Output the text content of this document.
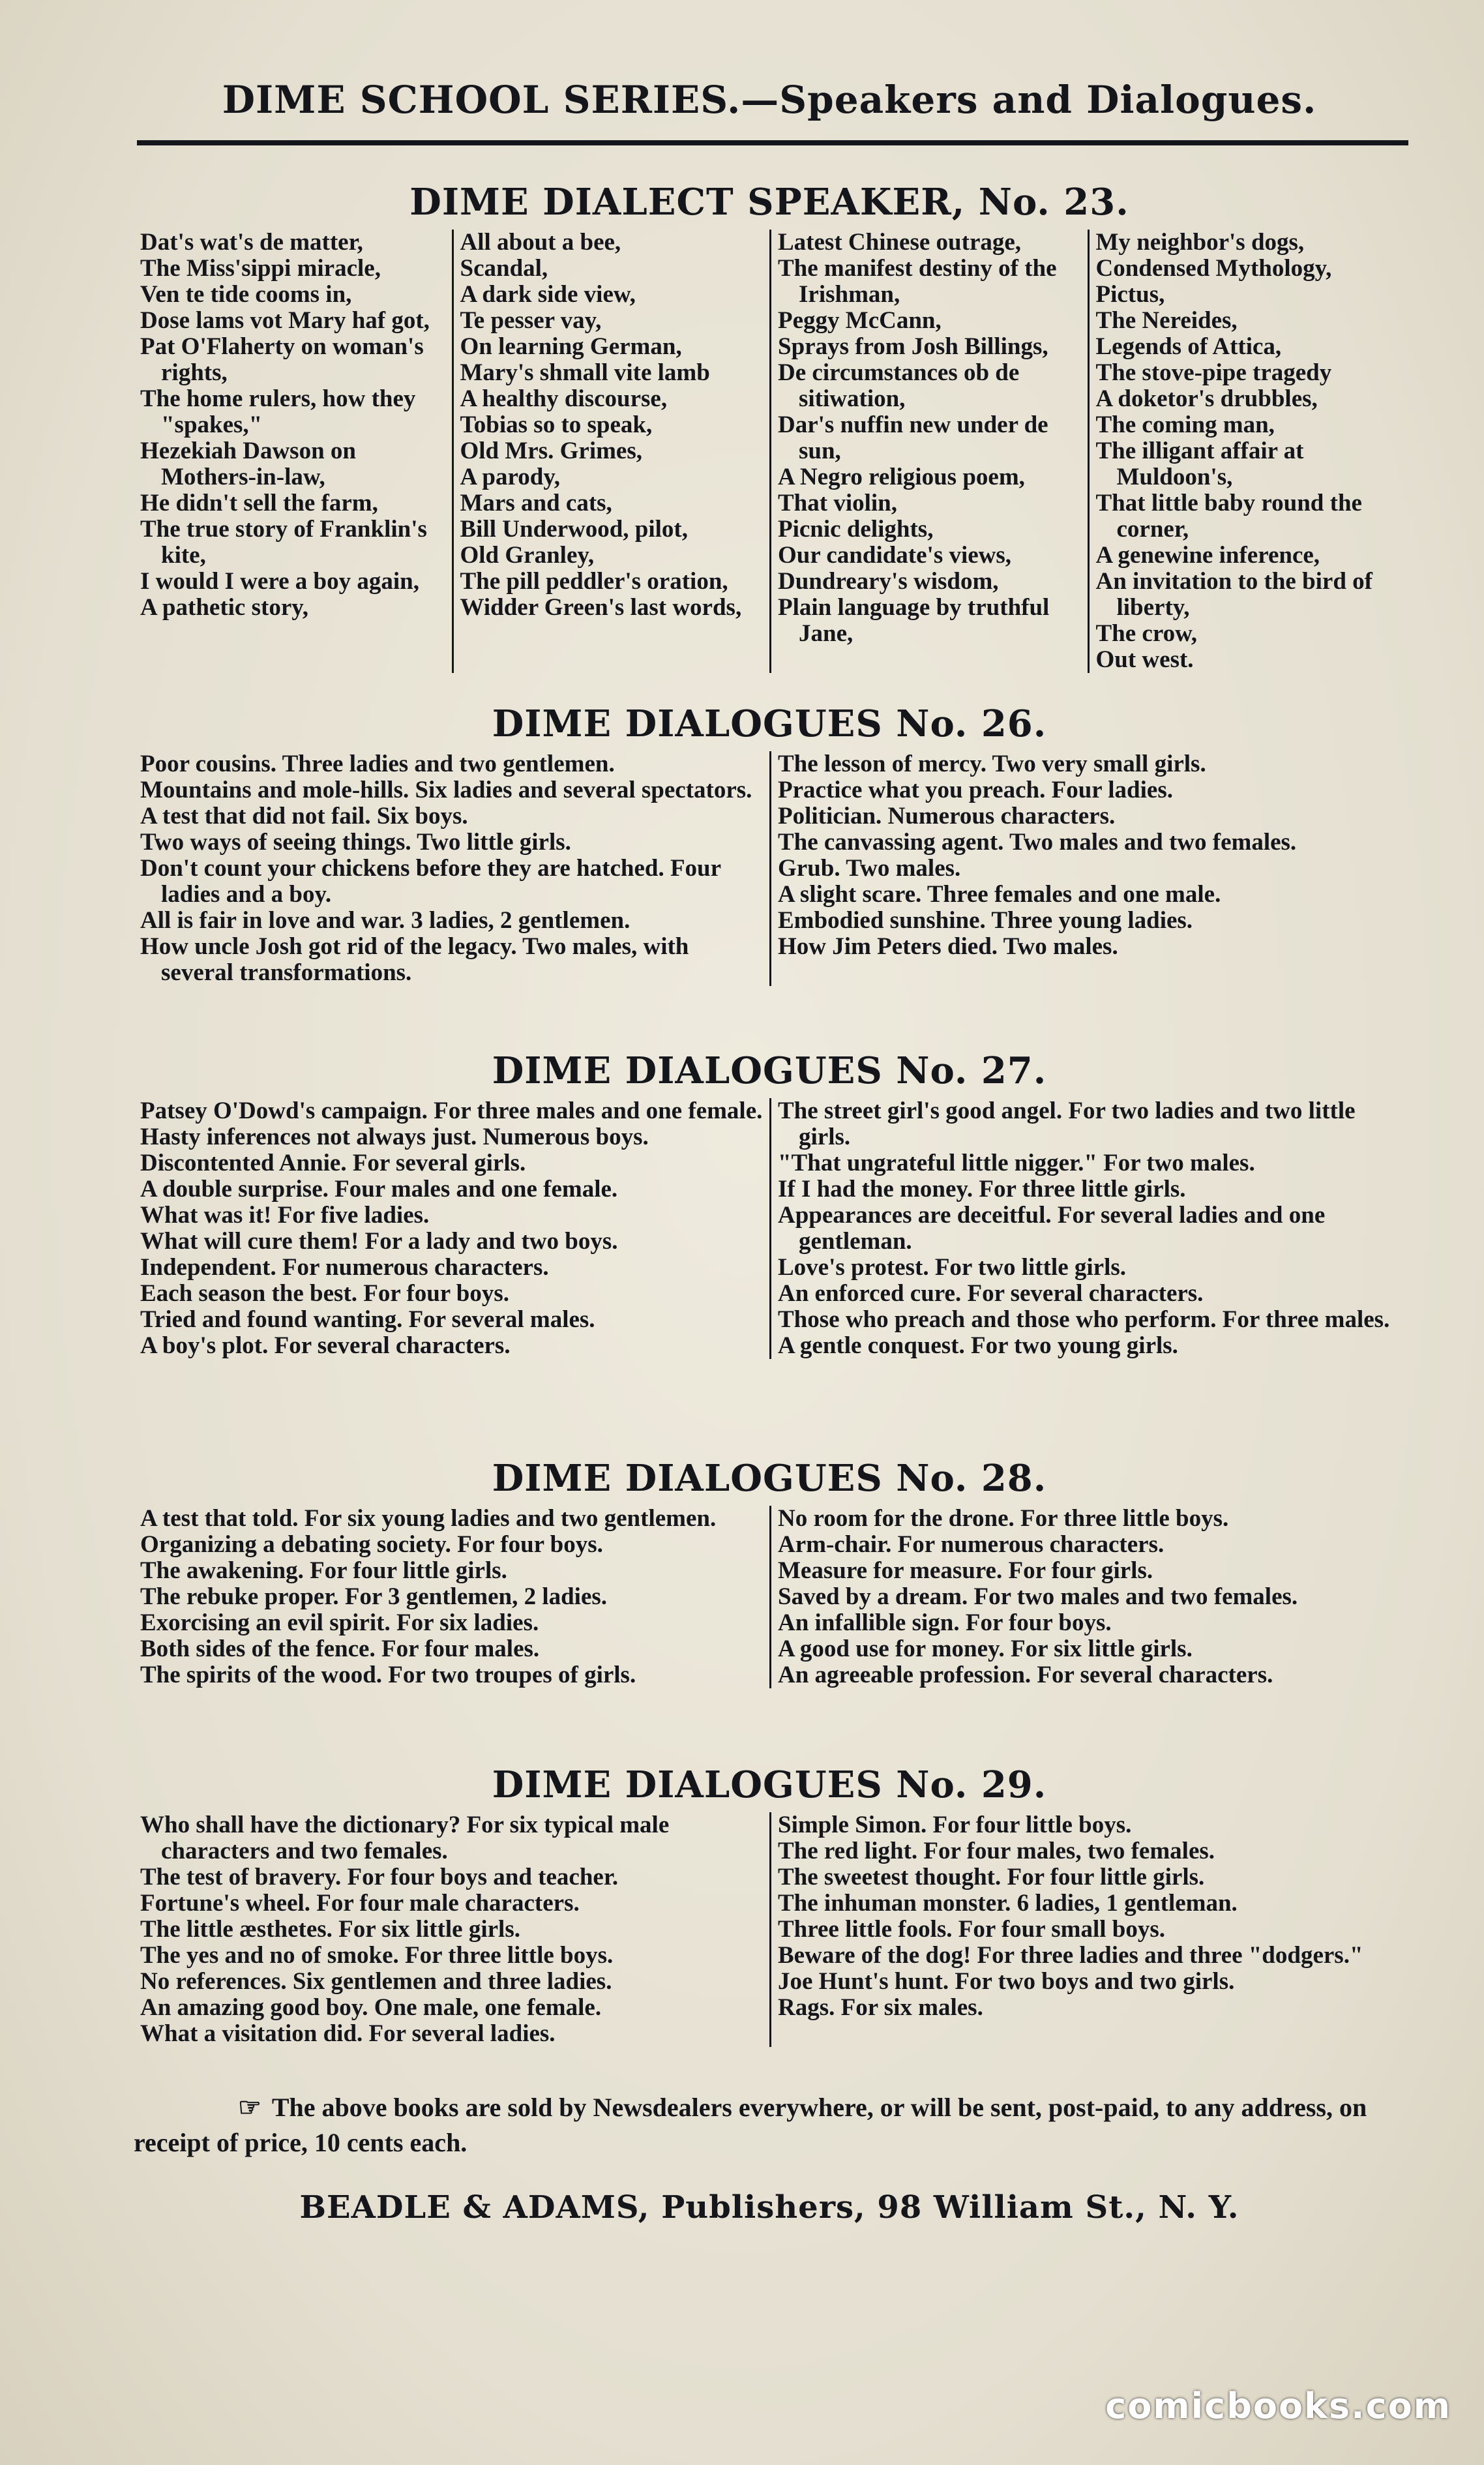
DIME SCHOOL SERIES.—Speakers and Dialogues.
DIME DIALECT SPEAKER, No. 23.

Dat's wat's de matter,

The Miss'sippi miracle,

Ven te tide cooms in,

Dose lams vot Mary haf got,

Pat O'Flaherty on woman's rights,

The home rulers, how they "spakes,"

Hezekiah Dawson on Mothers-in-law,

He didn't sell the farm,

The true story of Franklin's kite,

I would I were a boy again,

A pathetic story,

All about a bee,

Scandal,

A dark side view,

Te pesser vay,

On learning German,

Mary's shmall vite lamb

A healthy discourse,

Tobias so to speak,

Old Mrs. Grimes,

A parody,

Mars and cats,

Bill Underwood, pilot,

Old Granley,

The pill peddler's oration,

Widder Green's last words,

Latest Chinese outrage,

The manifest destiny of the Irishman,

Peggy McCann,

Sprays from Josh Billings,

De circumstances ob de sitiwation,

Dar's nuffin new under de sun,

A Negro religious poem,

That violin,

Picnic delights,

Our candidate's views,

Dundreary's wisdom,

Plain language by truthful Jane,

My neighbor's dogs,

Condensed Mythology,

Pictus,

The Nereides,

Legends of Attica,

The stove-pipe tragedy

A doketor's drubbles,

The coming man,

The illigant affair at Muldoon's,

That little baby round the corner,

A genewine inference,

An invitation to the bird of liberty,

The crow,

Out west.

DIME DIALOGUES No. 26.

Poor cousins. Three ladies and two gentlemen.

Mountains and mole-hills. Six ladies and several spectators.

A test that did not fail. Six boys.

Two ways of seeing things. Two little girls.

Don't count your chickens before they are hatched. Four ladies and a boy.

All is fair in love and war. 3 ladies, 2 gentlemen.

How uncle Josh got rid of the legacy. Two males, with several transformations.

The lesson of mercy. Two very small girls.

Practice what you preach. Four ladies.

Politician. Numerous characters.

The canvassing agent. Two males and two females.

Grub. Two males.

A slight scare. Three females and one male.

Embodied sunshine. Three young ladies.

How Jim Peters died. Two males.

DIME DIALOGUES No. 27.

Patsey O'Dowd's campaign. For three males and one female.

Hasty inferences not always just. Numerous boys.

Discontented Annie. For several girls.

A double surprise. Four males and one female.

What was it! For five ladies.

What will cure them! For a lady and two boys.

Independent. For numerous characters.

Each season the best. For four boys.

Tried and found wanting. For several males.

A boy's plot. For several characters.

The street girl's good angel. For two ladies and two little girls.

"That ungrateful little nigger." For two males.

If I had the money. For three little girls.

Appearances are deceitful. For several ladies and one gentleman.

Love's protest. For two little girls.

An enforced cure. For several characters.

Those who preach and those who perform. For three males.

A gentle conquest. For two young girls.

DIME DIALOGUES No. 28.

A test that told. For six young ladies and two gentlemen.

Organizing a debating society. For four boys.

The awakening. For four little girls.

The rebuke proper. For 3 gentlemen, 2 ladies.

Exorcising an evil spirit. For six ladies.

Both sides of the fence. For four males.

The spirits of the wood. For two troupes of girls.

No room for the drone. For three little boys.

Arm-chair. For numerous characters.

Measure for measure. For four girls.

Saved by a dream. For two males and two females.

An infallible sign. For four boys.

A good use for money. For six little girls.

An agreeable profession. For several characters.

DIME DIALOGUES No. 29.

Who shall have the dictionary? For six typical male characters and two females.

The test of bravery. For four boys and teacher.

Fortune's wheel. For four male characters.

The little æsthetes. For six little girls.

The yes and no of smoke. For three little boys.

No references. Six gentlemen and three ladies.

An amazing good boy. One male, one female.

What a visitation did. For several ladies.

Simple Simon. For four little boys.

The red light. For four males, two females.

The sweetest thought. For four little girls.

The inhuman monster. 6 ladies, 1 gentleman.

Three little fools. For four small boys.

Beware of the dog! For three ladies and three "dodgers."

Joe Hunt's hunt. For two boys and two girls.

Rags. For six males.

☞ The above books are sold by Newsdealers everywhere, or will be sent, post-paid, to any address, on receipt of price, 10 cents each.
BEADLE & ADAMS, Publishers, 98 William St., N. Y.
comicbooks.com
